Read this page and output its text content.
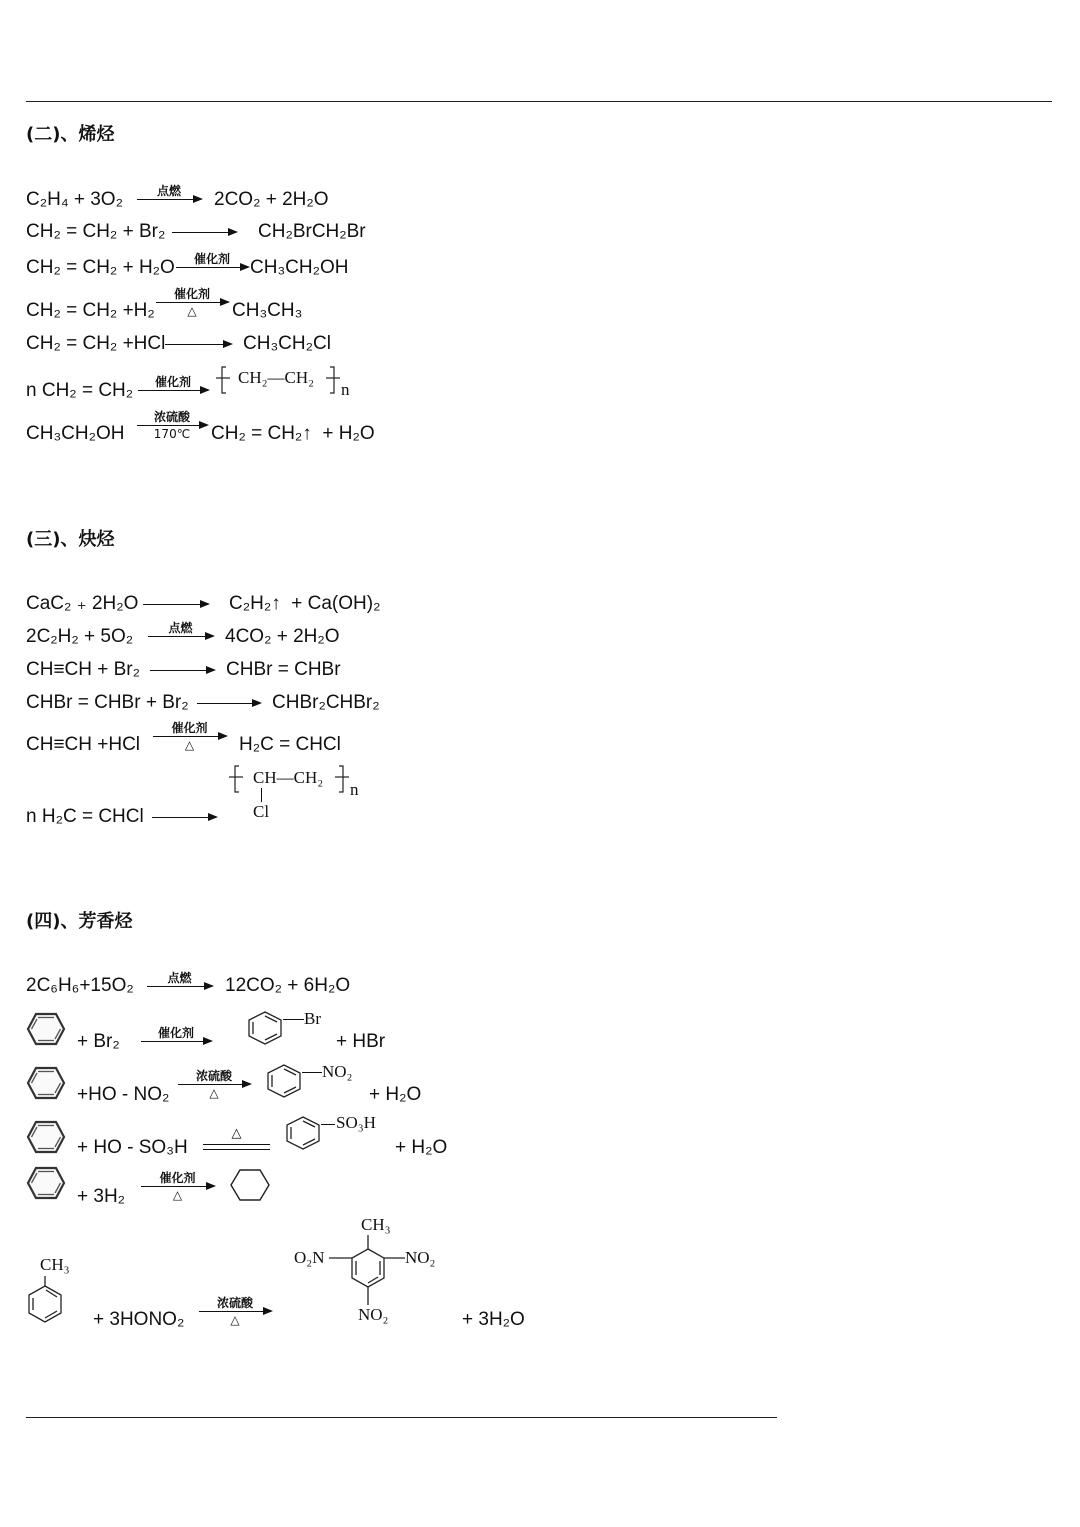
(二)、烯烃
C₂H₄ + 3O₂	点燃	2CO₂ + 2H₂O
CH₂ = CH₂ + Br₂ → CH₂BrCH₂Br
CH₂ = CH₂ + H₂O	催化剂	CH₃CH₂OH
CH₂ = CH₂ +H₂
催化剂
△	CH₃CH₃
CH₂ = CH₂ +HCl	CH₃CH₂Cl
n CH₂ = CH₂	催化剂	CH₂—CH₂
n
CH₃CH₂OH
浓硫酸
170℃	CH₂ = CH₂↑  + H₂O
(三)、炔烃
CaC₂ ₊ 2H₂O	C₂H₂↑  + Ca(OH)₂
2C₂H₂ + 5O₂	点燃	4CO₂ + 2H₂O
CH≡CH + Br₂ → CHBr = CHBr
CHBr = CHBr + Br₂ → CHBr₂CHBr₂
CH≡CH +HCl
催化剂
△	H₂C = CHCl
n H₂C = CHCl →
CH—CH₂
n
Cl
(四)、芳香烃
2C₆H₆+15O₂	点燃	12CO₂ + 6H₂O
+ Br₂	催化剂
Br
+ HBr
+HO - NO₂
浓硫酸
△
NO₂
+ H₂O
+ HO - SO₃H
△
SO₃H
+ H₂O
+ 3H₂
催化剂
△
CH₃
+ 3HONO₂
浓硫酸
△
CH₃
O₂N	NO₂
NO₂	+ 3H₂O
